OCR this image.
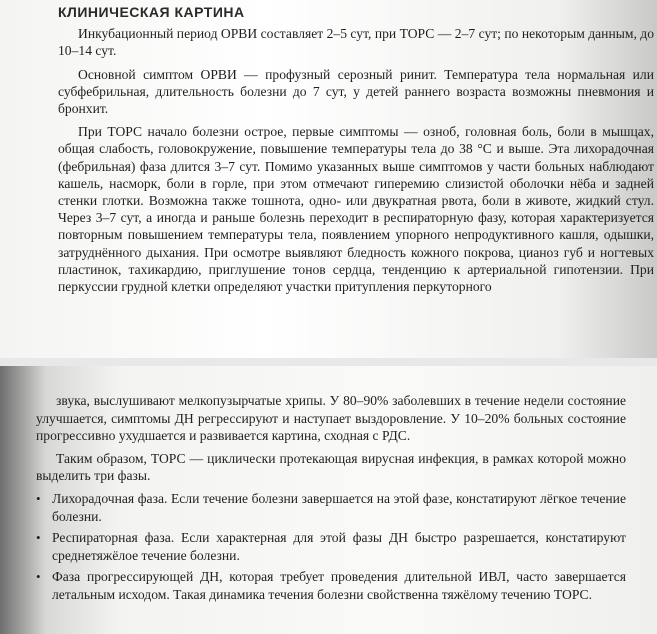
КЛИНИЧЕСКАЯ КАРТИНА

Инкубационный период ОРВИ составляет 2–5 сут, при ТОРС — 2–7 сут; по некоторым данным, до 10–14 сут.

Основной симптом ОРВИ — профузный серозный ринит. Температура тела нормальная или субфебрильная, длительность болезни до 7 сут, у детей раннего возраста возможны пневмония и бронхит.

При ТОРС начало болезни острое, первые симптомы — озноб, головная боль, боли в мышцах, общая слабость, головокружение, повышение температуры тела до 38 °С и выше. Эта лихорадочная (фебрильная) фаза длится 3–7 сут. Помимо указанных выше симптомов у части больных наблюдают кашель, насморк, боли в горле, при этом отмечают гиперемию слизистой оболочки нёба и задней стенки глотки. Возможна также тошнота, одно- или двукратная рвота, боли в животе, жидкий стул. Через 3–7 сут, а иногда и раньше болезнь переходит в респираторную фазу, которая характеризуется повторным повышением температуры тела, появлением упорного непродуктивного кашля, одышки, затруднённого дыхания. При осмотре выявляют бледность кожного покрова, цианоз губ и ногтевых пластинок, тахикардию, приглушение тонов сердца, тенденцию к артериальной гипотензии. При перкуссии грудной клетки определяют участки притупления перкуторного

звука, выслушивают мелкопузырчатые хрипы. У 80–90% заболевших в течение недели состояние улучшается, симптомы ДН регрессируют и наступает выздоровление. У 10–20% больных состояние прогрессивно ухудшается и развивается картина, сходная с РДС.

Таким образом, ТОРС — циклически протекающая вирусная инфекция, в рамках которой можно выделить три фазы.

• Лихорадочная фаза. Если течение болезни завершается на этой фазе, констатируют лёгкое течение болезни.
• Респираторная фаза. Если характерная для этой фазы ДН быстро разрешается, констатируют среднетяжёлое течение болезни.
• Фаза прогрессирующей ДН, которая требует проведения длительной ИВЛ, часто завершается летальным исходом. Такая динамика течения болезни свойственна тяжёлому течению ТОРС.
